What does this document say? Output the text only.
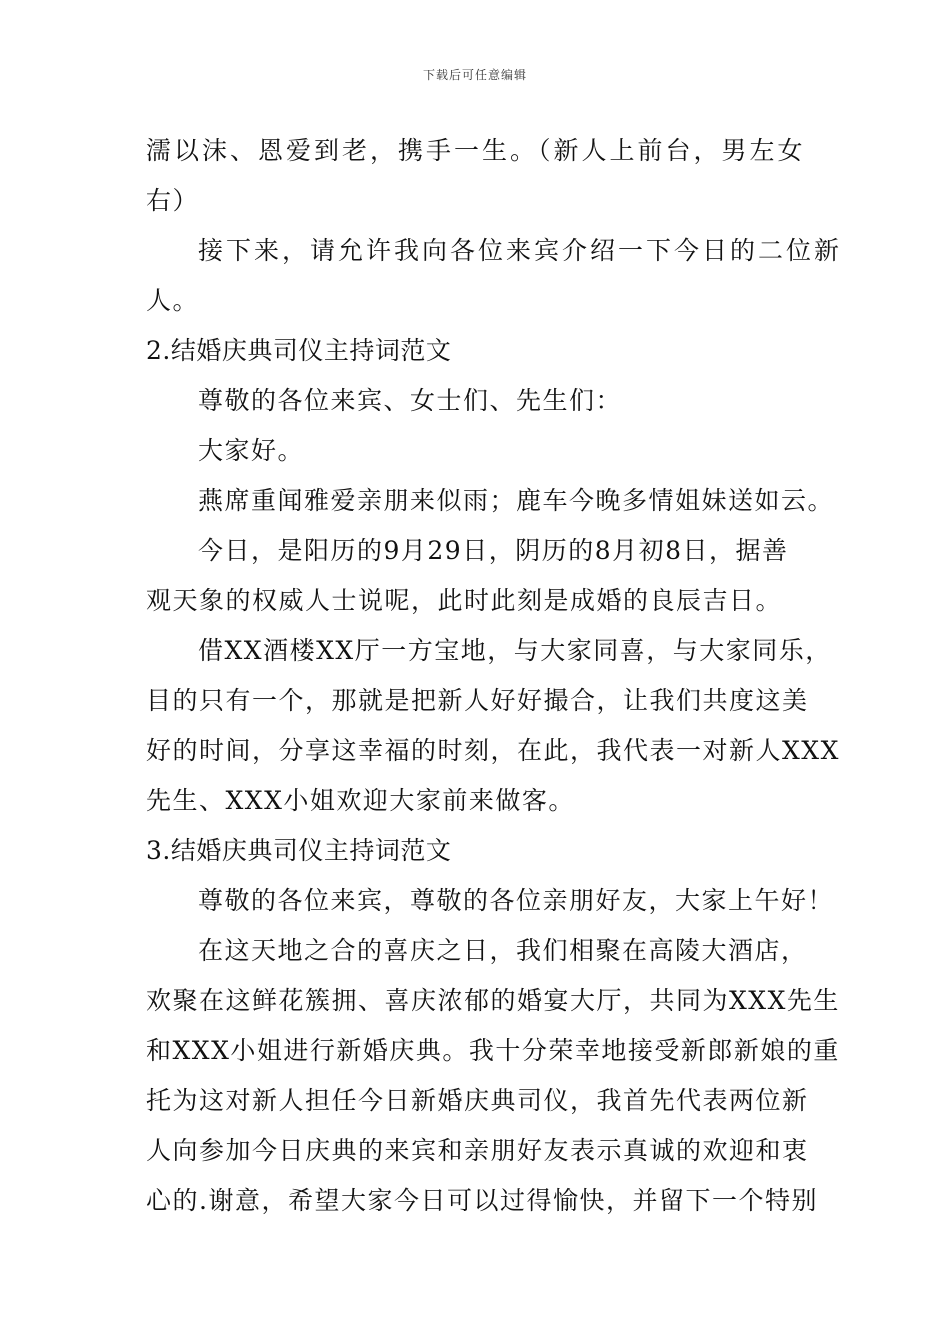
下载后可任意编辑
濡以沫、恩爱到老，携手一生。（新人上前台，男左女
右）
接下来，请允许我向各位来宾介绍一下今日的二位新
人。
2.结婚庆典司仪主持词范文
尊敬的各位来宾、女士们、先生们：
大家好。
燕席重闻雅爱亲朋来似雨；鹿车今晚多情姐妹送如云。
今日，是阳历的9月29日，阴历的8月初8日，据善
观天象的权威人士说呢，此时此刻是成婚的良辰吉日。
借XX酒楼XX厅一方宝地，与大家同喜，与大家同乐，
目的只有一个，那就是把新人好好撮合，让我们共度这美
好的时间，分享这幸福的时刻，在此，我代表一对新人XXX
先生、XXX小姐欢迎大家前来做客。
3.结婚庆典司仪主持词范文
尊敬的各位来宾，尊敬的各位亲朋好友，大家上午好！
在这天地之合的喜庆之日，我们相聚在高陵大酒店，
欢聚在这鲜花簇拥、喜庆浓郁的婚宴大厅，共同为XXX先生
和XXX小姐进行新婚庆典。我十分荣幸地接受新郎新娘的重
托为这对新人担任今日新婚庆典司仪，我首先代表两位新
人向参加今日庆典的来宾和亲朋好友表示真诚的欢迎和衷
心的.谢意，希望大家今日可以过得愉快，并留下一个特别
